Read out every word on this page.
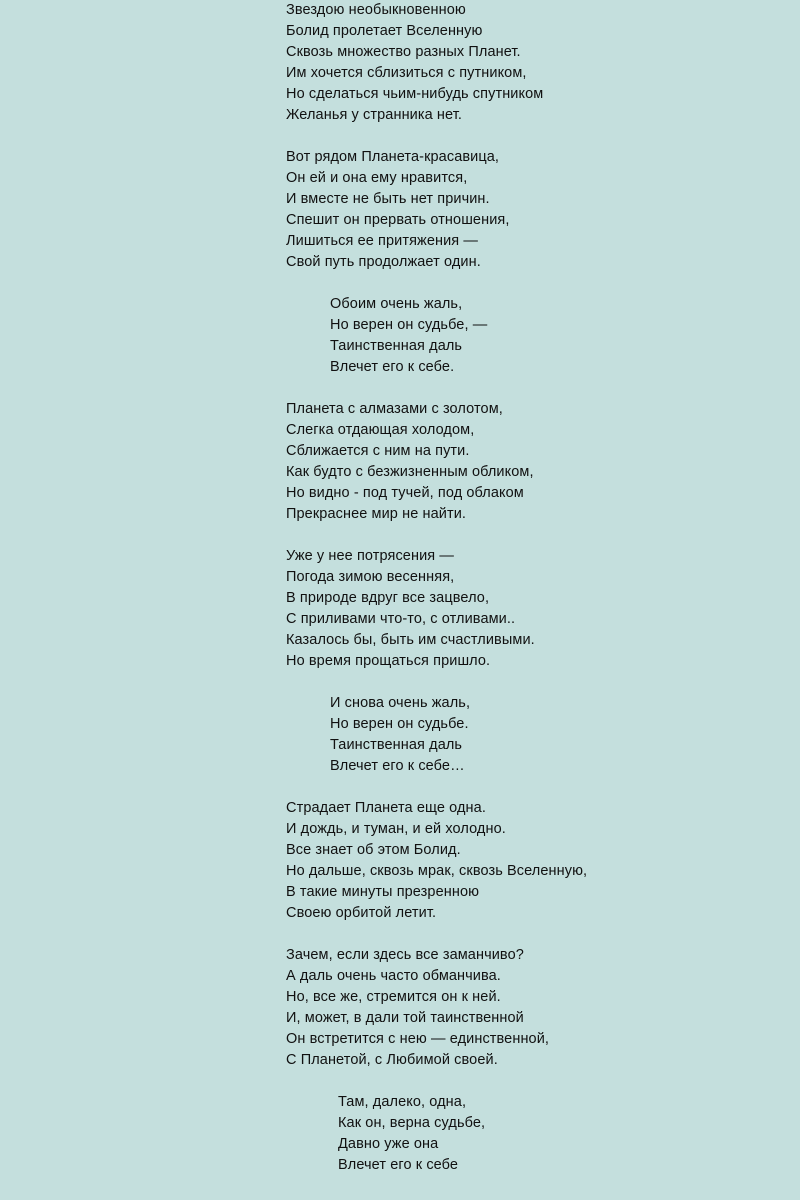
Звездою необыкновенною
Болид пролетает Вселенную
Сквозь множество разных Планет.
Им хочется сблизиться с путником,
Но сделаться чьим-нибудь спутником
Желанья у странника нет.
Вот рядом Планета-красавица,
Он ей и она ему нравится,
И вместе не быть нет причин.
Спешит он прервать отношения,
Лишиться ее притяжения —
Свой путь продолжает один.
Обоим очень жаль,
Но верен он судьбе, —
Таинственная даль
Влечет его к себе.
Планета с алмазами с золотом,
Слегка отдающая холодом,
Сближается с ним на пути.
Как будто с безжизненным обликом,
Но видно - под тучей, под облаком
Прекраснее мир не найти.
Уже у нее потрясения —
Погода зимою весенняя,
В природе вдруг все зацвело,
С приливами что-то, с отливами..
Казалось бы, быть им счастливыми.
Но время прощаться пришло.
И снова очень жаль,
Но верен он судьбе.
Таинственная даль
Влечет его к себе…
Страдает Планета еще одна.
И дождь, и туман, и ей холодно.
Все знает об этом Болид.
Но дальше, сквозь мрак, сквозь Вселенную,
В такие минуты презренною
Своею орбитой летит.
Зачем, если здесь все заманчиво?
А даль очень часто обманчива.
Но, все же, стремится он к ней.
И, может, в дали той таинственной
Он встретится с нею — единственной,
С Планетой, с Любимой своей.
Там, далеко, одна,
Как он, верна судьбе,
Давно уже она
Влечет его к себе
